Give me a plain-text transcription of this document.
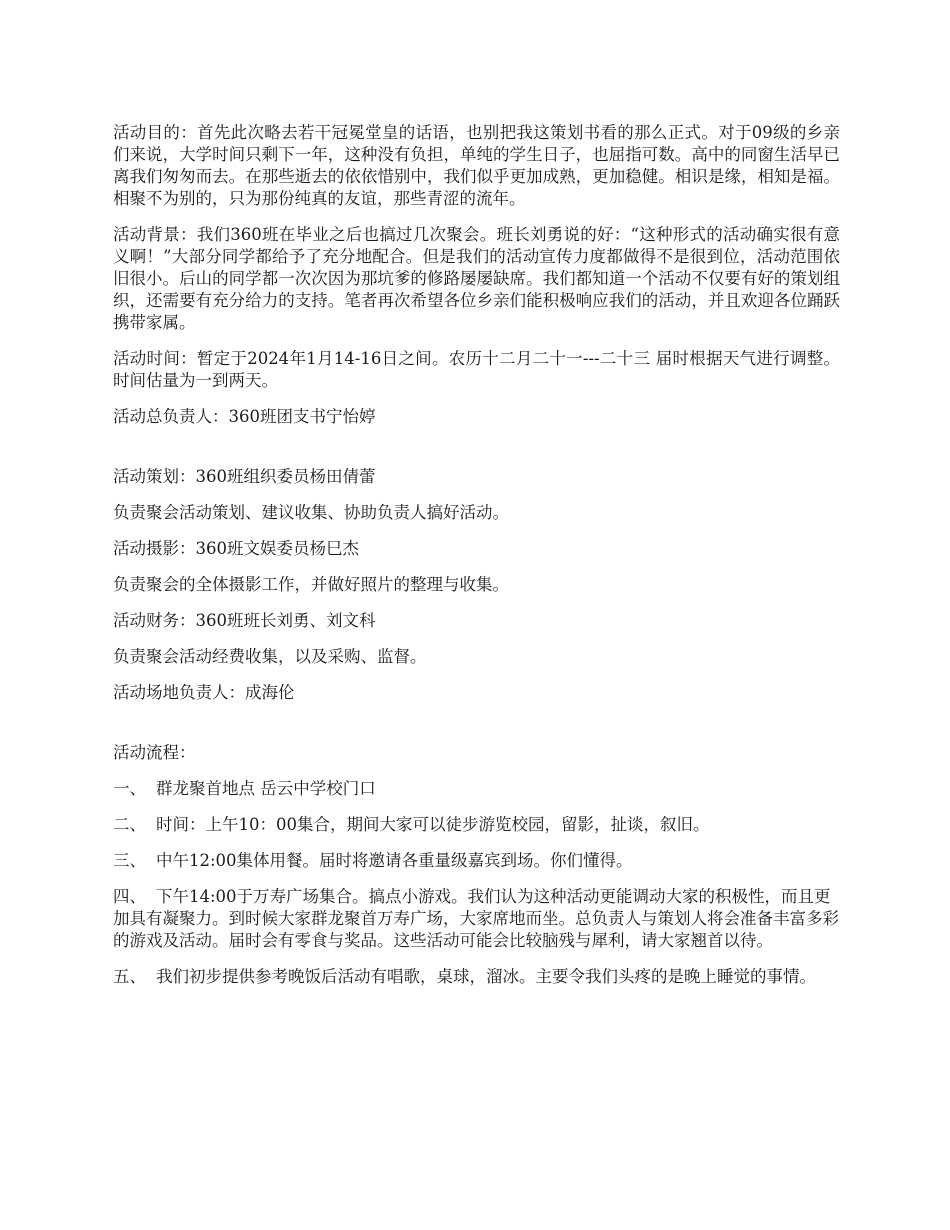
活动目的：首先此次略去若干冠冕堂皇的话语，也别把我这策划书看的那么正式。对于09级的乡亲们来说，大学时间只剩下一年，这种没有负担，单纯的学生日子，也屈指可数。高中的同窗生活早已离我们匆匆而去。在那些逝去的依依惜别中，我们似乎更加成熟，更加稳健。相识是缘，相知是福。相聚不为别的，只为那份纯真的友谊，那些青涩的流年。

活动背景：我们360班在毕业之后也搞过几次聚会。班长刘勇说的好：“这种形式的活动确实很有意义啊！”大部分同学都给予了充分地配合。但是我们的活动宣传力度都做得不是很到位，活动范围依旧很小。后山的同学都一次次因为那坑爹的修路屡屡缺席。我们都知道一个活动不仅要有好的策划组织，还需要有充分给力的支持。笔者再次希望各位乡亲们能积极响应我们的活动，并且欢迎各位踊跃携带家属。

活动时间：暂定于2024年1月14-16日之间。农历十二月二十一---二十三 届时根据天气进行调整。时间估量为一到两天。

活动总负责人：360班团支书宁怡婷

活动策划：360班组织委员杨田倩蕾

负责聚会活动策划、建议收集、协助负责人搞好活动。

活动摄影：360班文娱委员杨巳杰

负责聚会的全体摄影工作，并做好照片的整理与收集。

活动财务：360班班长刘勇、刘文科

负责聚会活动经费收集，以及采购、监督。

活动场地负责人：成海伦

活动流程：

一、 群龙聚首地点 岳云中学校门口

二、 时间：上午10：00集合，期间大家可以徒步游览校园，留影，扯谈，叙旧。

三、 中午12:00集体用餐。届时将邀请各重量级嘉宾到场。你们懂得。

四、 下午14:00于万寿广场集合。搞点小游戏。我们认为这种活动更能调动大家的积极性，而且更加具有凝聚力。到时候大家群龙聚首万寿广场，大家席地而坐。总负责人与策划人将会准备丰富多彩的游戏及活动。届时会有零食与奖品。这些活动可能会比较脑残与犀利，请大家翘首以待。

五、 我们初步提供参考晚饭后活动有唱歌，桌球，溜冰。主要令我们头疼的是晚上睡觉的事情。
